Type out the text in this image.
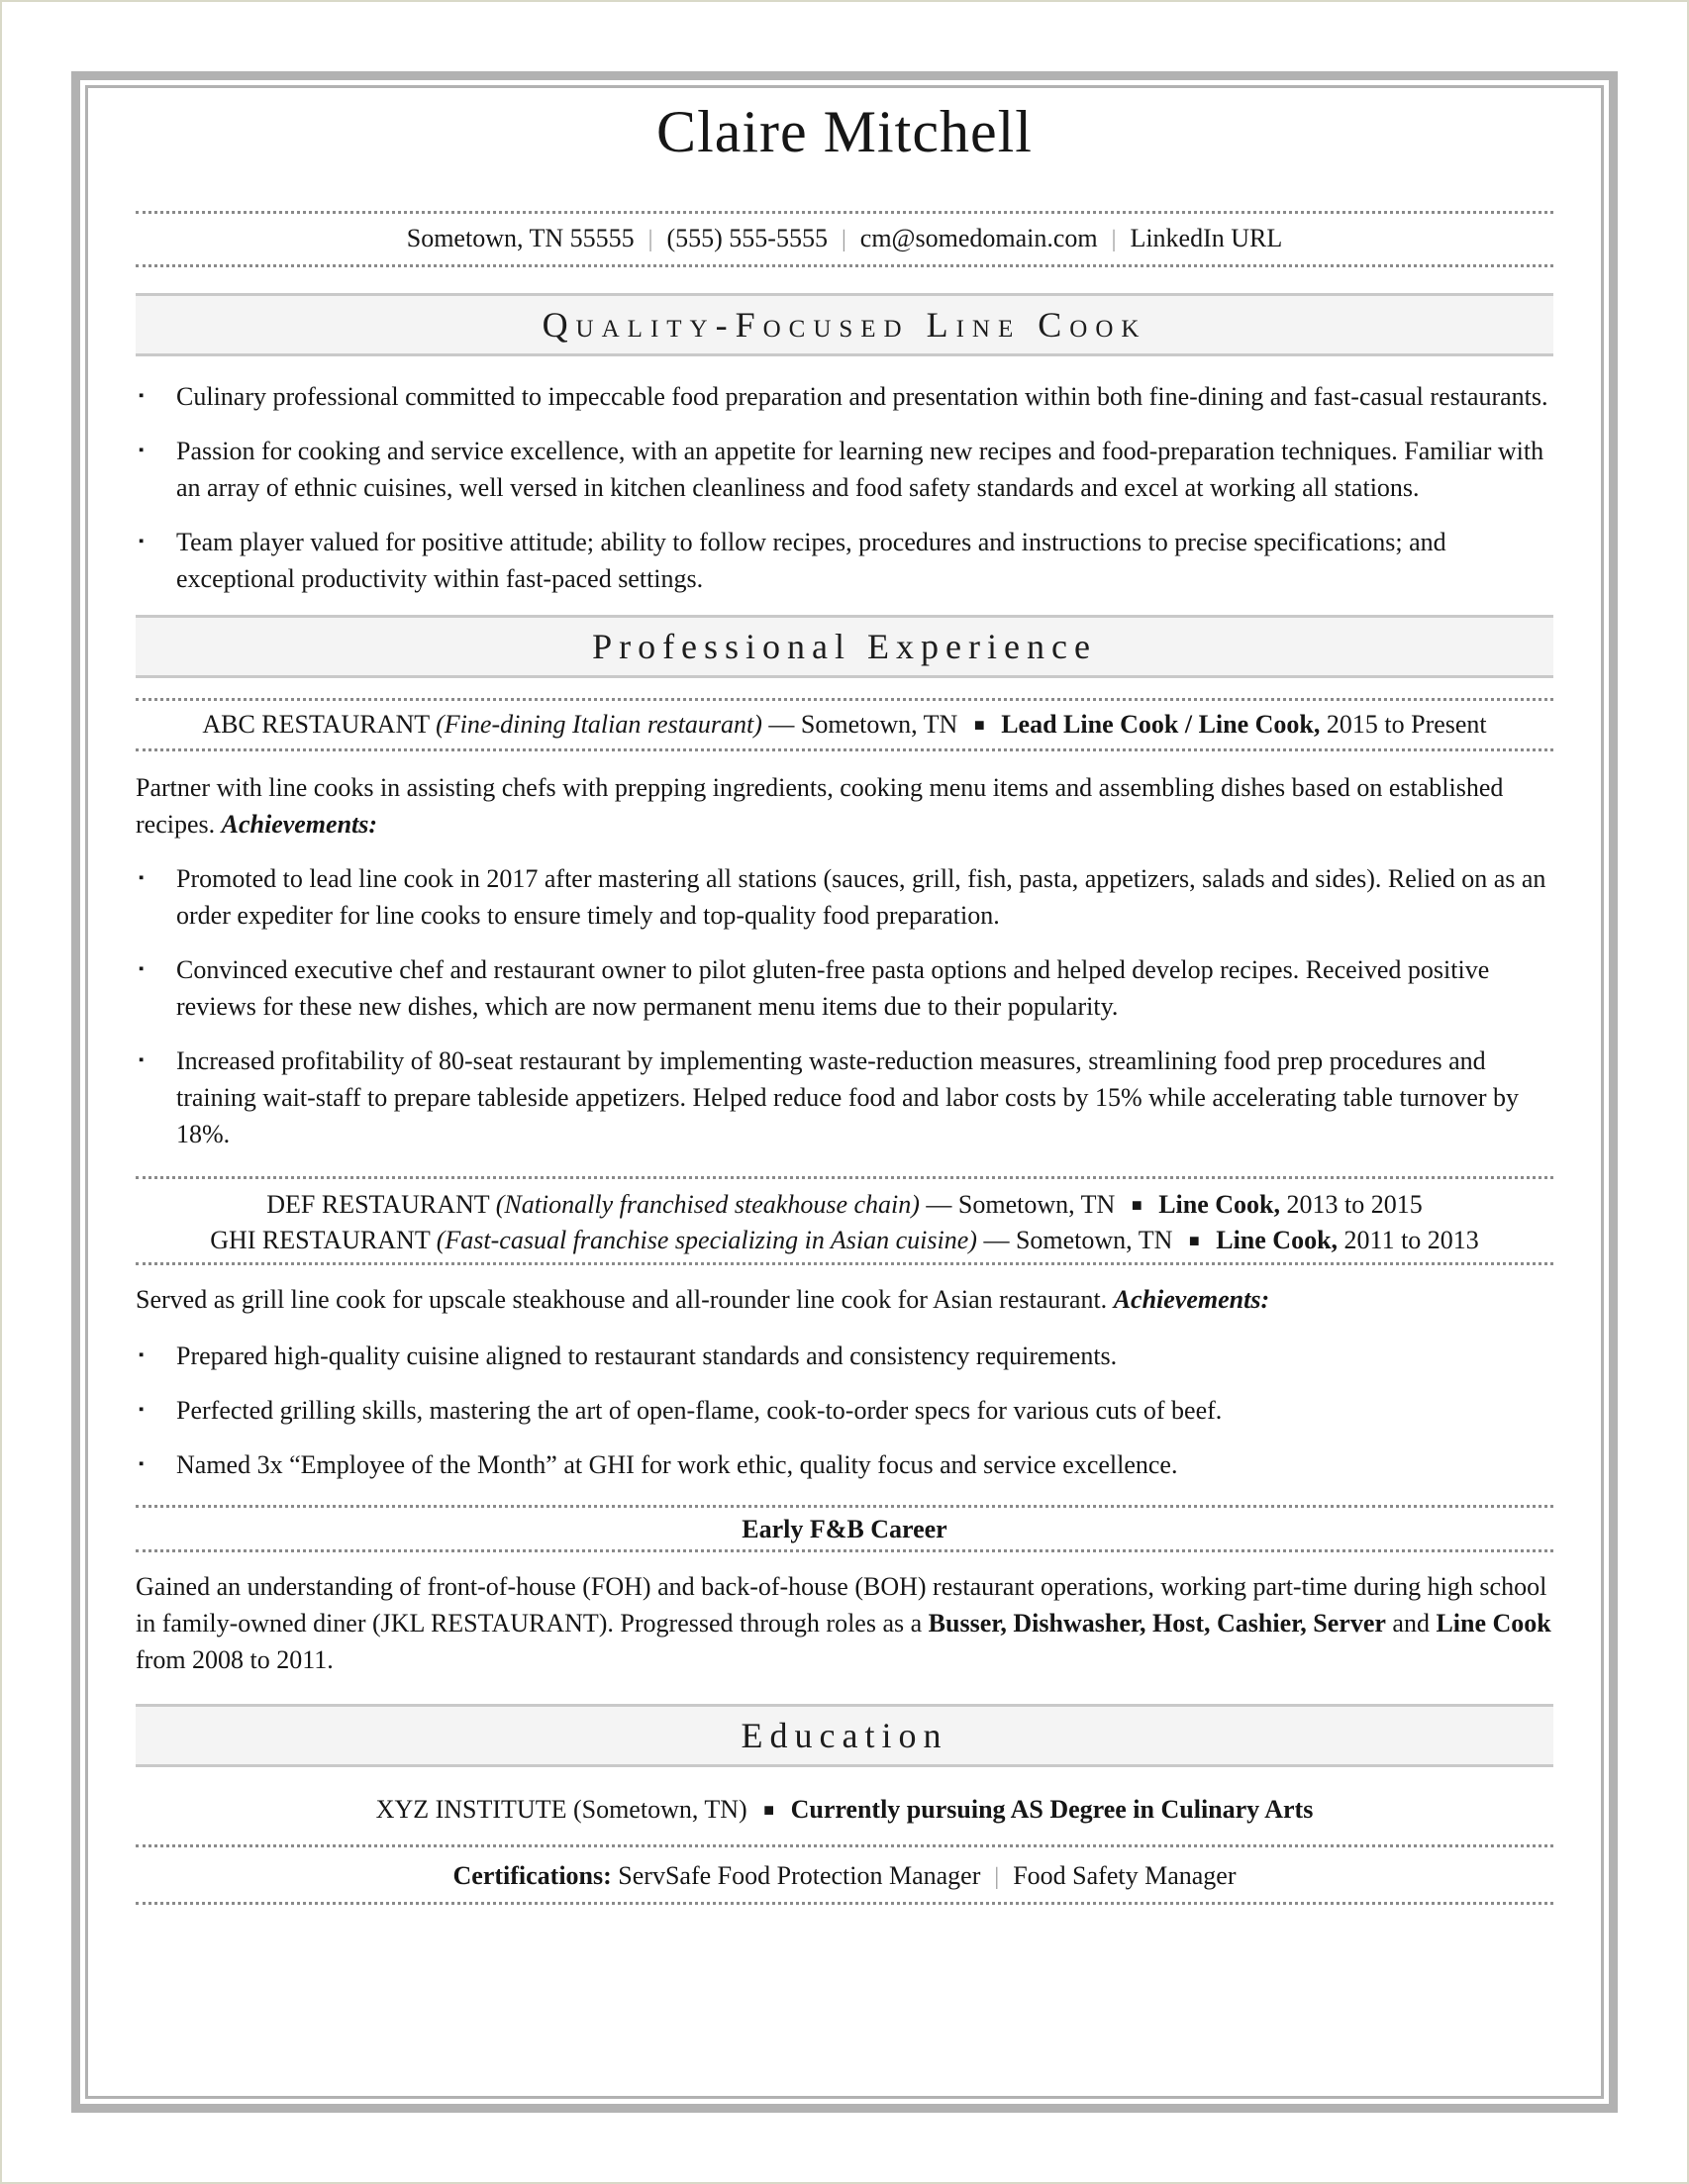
Claire Mitchell
Sometown, TN 55555 | (555) 555-5555 | cm@somedomain.com | LinkedIn URL
Quality-Focused Line Cook
▪	Culinary professional committed to impeccable food preparation and presentation within both fine-dining and fast-casual restaurants.
▪	Passion for cooking and service excellence, with an appetite for learning new recipes and food-preparation techniques. Familiar with an array of ethnic cuisines, well versed in kitchen cleanliness and food safety standards and excel at working all stations.
▪	Team player valued for positive attitude; ability to follow recipes, procedures and instructions to precise specifications; and exceptional productivity within fast-paced settings.
Professional Experience
ABC RESTAURANT (Fine-dining Italian restaurant) — Sometown, TN ■ Lead Line Cook / Line Cook, 2015 to Present
Partner with line cooks in assisting chefs with prepping ingredients, cooking menu items and assembling dishes based on established recipes. Achievements:
▪	Promoted to lead line cook in 2017 after mastering all stations (sauces, grill, fish, pasta, appetizers, salads and sides). Relied on as an order expediter for line cooks to ensure timely and top-quality food preparation.
▪	Convinced executive chef and restaurant owner to pilot gluten-free pasta options and helped develop recipes. Received positive reviews for these new dishes, which are now permanent menu items due to their popularity.
▪	Increased profitability of 80-seat restaurant by implementing waste-reduction measures, streamlining food prep procedures and training wait-staff to prepare tableside appetizers. Helped reduce food and labor costs by 15% while accelerating table turnover by 18%.
DEF RESTAURANT (Nationally franchised steakhouse chain) — Sometown, TN ■ Line Cook, 2013 to 2015
GHI RESTAURANT (Fast-casual franchise specializing in Asian cuisine) — Sometown, TN ■ Line Cook, 2011 to 2013
Served as grill line cook for upscale steakhouse and all-rounder line cook for Asian restaurant. Achievements:
▪	Prepared high-quality cuisine aligned to restaurant standards and consistency requirements.
▪	Perfected grilling skills, mastering the art of open-flame, cook-to-order specs for various cuts of beef.
▪	Named 3x “Employee of the Month” at GHI for work ethic, quality focus and service excellence.
Early F&B Career
Gained an understanding of front-of-house (FOH) and back-of-house (BOH) restaurant operations, working part-time during high school in family-owned diner (JKL RESTAURANT). Progressed through roles as a Busser, Dishwasher, Host, Cashier, Server and Line Cook from 2008 to 2011.
Education
XYZ INSTITUTE (Sometown, TN) ■ Currently pursuing AS Degree in Culinary Arts
Certifications: ServSafe Food Protection Manager | Food Safety Manager
